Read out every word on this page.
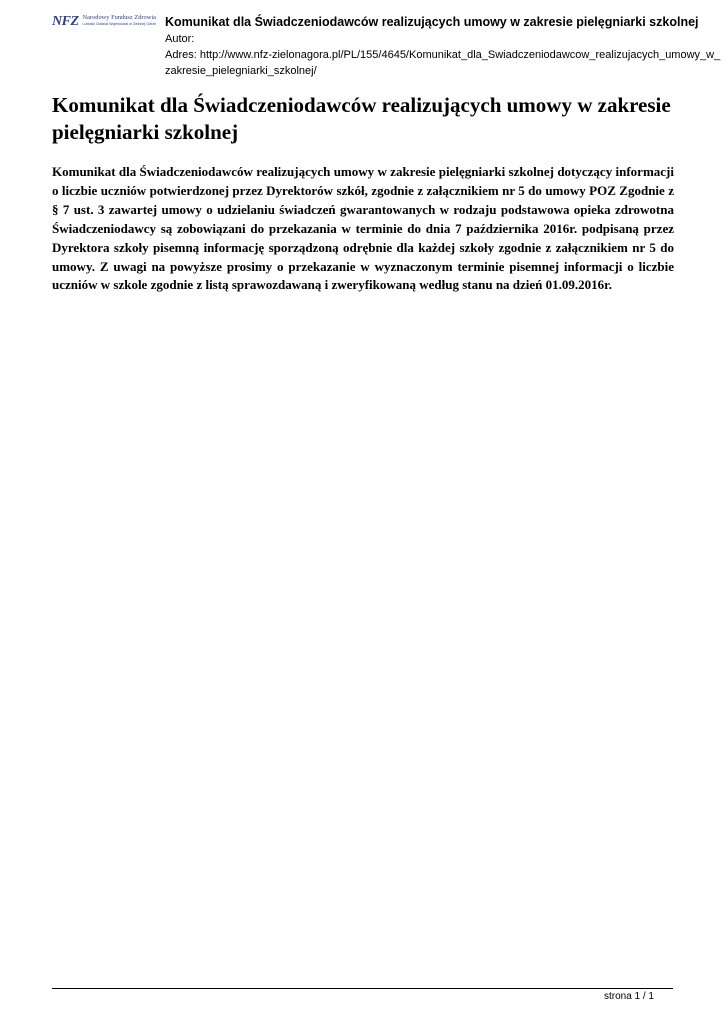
NFZ Narodowy Fundusz Zdrowia
Lubuski Oddział Wojewódzki w Zielonej Górze Komunikat dla Świadczeniodawców realizujących umowy w zakresie pielęgniarki szkolnej
Autor:
Adres: http://www.nfz-zielonagora.pl/PL/155/4645/Komunikat_dla_Swiadczeniodawcow_realizujacych_umowy_w_zakresie_pielegniarki_szkolnej/
Komunikat dla Świadczeniodawców realizujących umowy w zakresie pielęgniarki szkolnej

Komunikat dla Świadczeniodawców realizujących umowy w zakresie pielęgniarki szkolnej dotyczący informacji o liczbie uczniów potwierdzonej przez Dyrektorów szkół, zgodnie z załącznikiem nr 5 do umowy POZ Zgodnie z § 7 ust. 3 zawartej umowy o udzielaniu świadczeń gwarantowanych w rodzaju podstawowa opieka zdrowotna Świadczeniodawcy są zobowiązani do przekazania w terminie do dnia 7 października 2016r. podpisaną przez Dyrektora szkoły pisemną informację sporządzoną odrębnie dla każdej szkoły zgodnie z załącznikiem nr 5 do umowy. Z uwagi na powyższe prosimy o przekazanie w wyznaczonym terminie pisemnej informacji o liczbie uczniów w szkole zgodnie z listą sprawozdawaną i zweryfikowaną według stanu na dzień 01.09.2016r.

strona 1 / 1
